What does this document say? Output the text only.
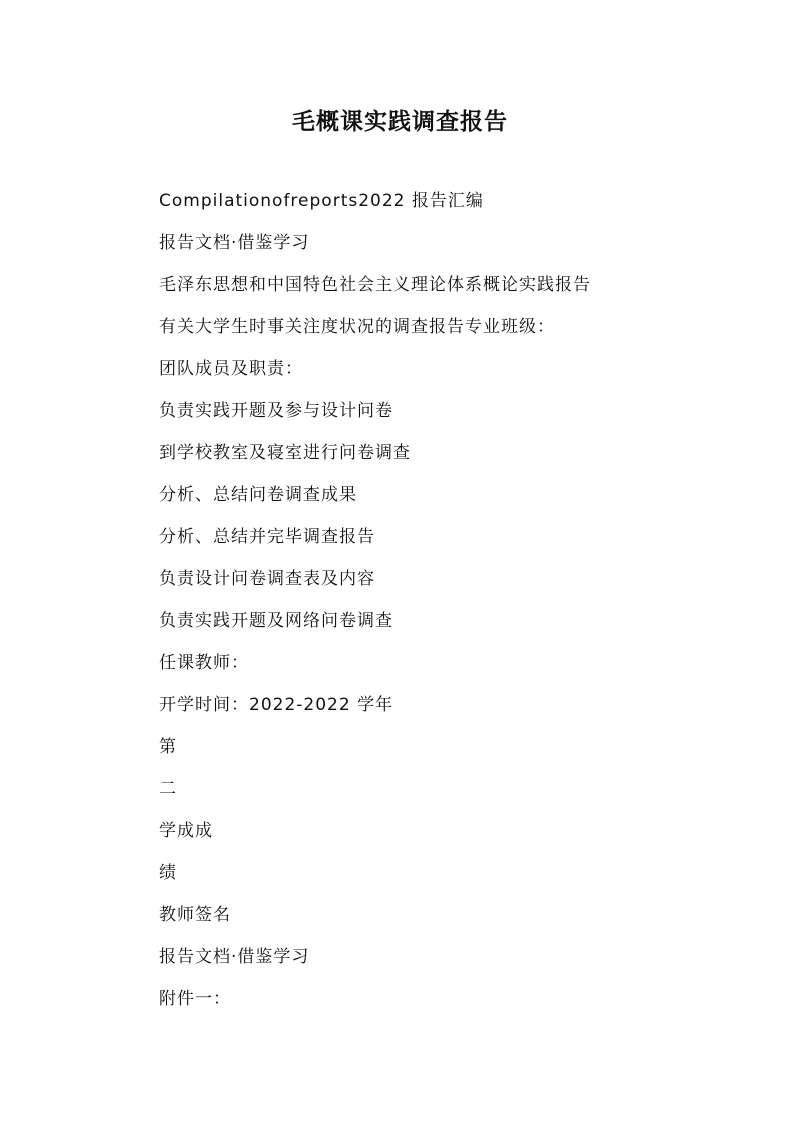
毛概课实践调查报告
Compilationofreports2022 报告汇编
报告文档·借鉴学习
毛泽东思想和中国特色社会主义理论体系概论实践报告
有关大学生时事关注度状况的调查报告专业班级：
团队成员及职责：
负责实践开题及参与设计问卷
到学校教室及寝室进行问卷调查
分析、总结问卷调查成果
分析、总结并完毕调查报告
负责设计问卷调查表及内容
负责实践开题及网络问卷调查
任课教师：
开学时间：2022-2022 学年
第
二
学成成
绩
教师签名
报告文档·借鉴学习
附件一：
